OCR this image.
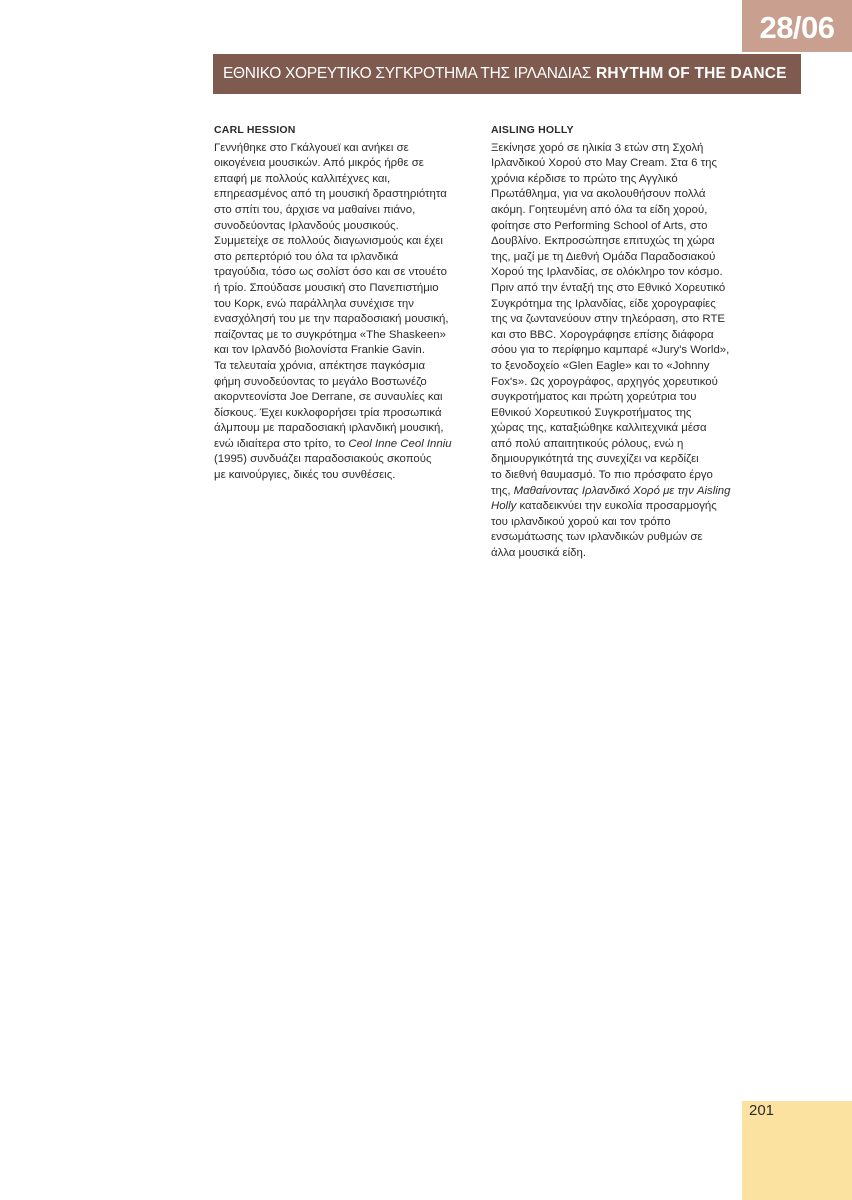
28/06
ΕΘΝΙΚΟ ΧΟΡΕΥΤΙΚΟ ΣΥΓΚΡΟΤΗΜΑ ΤΗΣ ΙΡΛΑΝΔΙΑΣ RHYTHM OF THE DANCE

CARL HESSION

Γεννήθηκε στο Γκάλγουεϊ και ανήκει σε
οικογένεια μουσικών. Από μικρός ήρθε σε
επαφή με πολλούς καλλιτέχνες και,
επηρεασμένος από τη μουσική δραστηριότητα
στο σπίτι του, άρχισε να μαθαίνει πιάνο,
συνοδεύοντας Ιρλανδούς μουσικούς.
Συμμετείχε σε πολλούς διαγωνισμούς και έχει
στο ρεπερτόριό του όλα τα ιρλανδικά
τραγούδια, τόσο ως σολίστ όσο και σε ντουέτο
ή τρίο. Σπούδασε μουσική στο Πανεπιστήμιο
του Κορκ, ενώ παράλληλα συνέχισε την
ενασχόλησή του με την παραδοσιακή μουσική,
παίζοντας με το συγκρότημα «The Shaskeen»
και τον Ιρλανδό βιολονίστα Frankie Gavin.
Τα τελευταία χρόνια, απέκτησε παγκόσμια
φήμη συνοδεύοντας το μεγάλο Βοστωνέζο
ακορντεονίστα Joe Derrane, σε συναυλίες και
δίσκους. Έχει κυκλοφορήσει τρία προσωπικά
άλμπουμ με παραδοσιακή ιρλανδική μουσική,
ενώ ιδιαίτερα στο τρίτο, το Ceol Inne Ceol Inniu
(1995) συνδυάζει παραδοσιακούς σκοπούς
με καινούργιες, δικές του συνθέσεις.

AISLING HOLLY

Ξεκίνησε χορό σε ηλικία 3 ετών στη Σχολή
Ιρλανδικού Χορού στο May Cream. Στα 6 της
χρόνια κέρδισε το πρώτο της Αγγλικό
Πρωτάθλημα, για να ακολουθήσουν πολλά
ακόμη. Γοητευμένη από όλα τα είδη χορού,
φοίτησε στο Performing School of Arts, στο
Δουβλίνο. Εκπροσώπησε επιτυχώς τη χώρα
της, μαζί με τη Διεθνή Ομάδα Παραδοσιακού
Χορού της Ιρλανδίας, σε ολόκληρο τον κόσμο.
Πριν από την ένταξή της στο Εθνικό Χορευτικό
Συγκρότημα της Ιρλανδίας, είδε χορογραφίες
της να ζωντανεύουν στην τηλεόραση, στο RTE
και στο BBC. Χορογράφησε επίσης διάφορα
σόου για το περίφημο καμπαρέ «Jury's World»,
το ξενοδοχείο «Glen Eagle» και το «Johnny
Fox's». Ως χορογράφος, αρχηγός χορευτικού
συγκροτήματος και πρώτη χορεύτρια του
Εθνικού Χορευτικού Συγκροτήματος της
χώρας της, καταξιώθηκε καλλιτεχνικά μέσα
από πολύ απαιτητικούς ρόλους, ενώ η
δημιουργικότητά της συνεχίζει να κερδίζει
το διεθνή θαυμασμό. Το πιο πρόσφατο έργο
της, Μαθαίνοντας Ιρλανδικό Χορό με την Aisling
Holly καταδεικνύει την ευκολία προσαρμογής
του ιρλανδικού χορού και τον τρόπο
ενσωμάτωσης των ιρλανδικών ρυθμών σε
άλλα μουσικά είδη.

201
